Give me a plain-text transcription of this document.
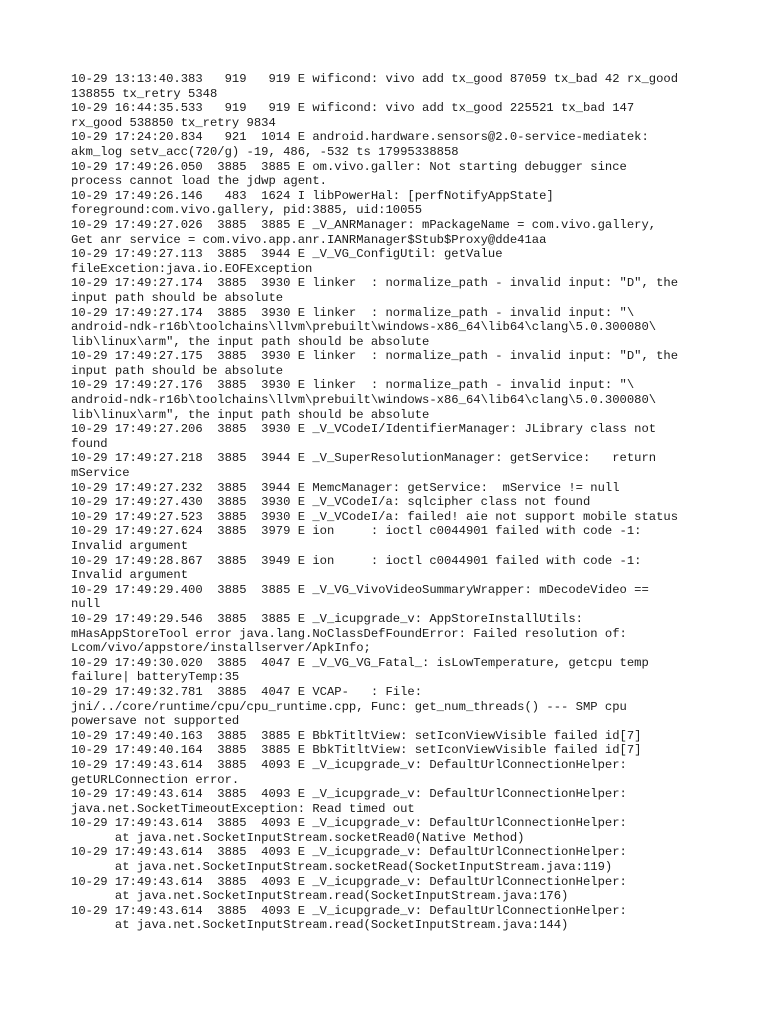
10-29 13:13:40.383   919   919 E wificond: vivo add tx_good 87059 tx_bad 42 rx_good
138855 tx_retry 5348
10-29 16:44:35.533   919   919 E wificond: vivo add tx_good 225521 tx_bad 147
rx_good 538850 tx_retry 9834
10-29 17:24:20.834   921  1014 E android.hardware.sensors@2.0-service-mediatek:
akm_log setv_acc(720/g) -19, 486, -532 ts 17995338858
10-29 17:49:26.050  3885  3885 E om.vivo.galler: Not starting debugger since
process cannot load the jdwp agent.
10-29 17:49:26.146   483  1624 I libPowerHal: [perfNotifyAppState]
foreground:com.vivo.gallery, pid:3885, uid:10055
10-29 17:49:27.026  3885  3885 E _V_ANRManager: mPackageName = com.vivo.gallery,
Get anr service = com.vivo.app.anr.IANRManager$Stub$Proxy@dde41aa
10-29 17:49:27.113  3885  3944 E _V_VG_ConfigUtil: getValue
fileExcetion:java.io.EOFException
10-29 17:49:27.174  3885  3930 E linker  : normalize_path - invalid input: "D", the
input path should be absolute
10-29 17:49:27.174  3885  3930 E linker  : normalize_path - invalid input: "\
android-ndk-r16b\toolchains\llvm\prebuilt\windows-x86_64\lib64\clang\5.0.300080\
lib\linux\arm", the input path should be absolute
10-29 17:49:27.175  3885  3930 E linker  : normalize_path - invalid input: "D", the
input path should be absolute
10-29 17:49:27.176  3885  3930 E linker  : normalize_path - invalid input: "\
android-ndk-r16b\toolchains\llvm\prebuilt\windows-x86_64\lib64\clang\5.0.300080\
lib\linux\arm", the input path should be absolute
10-29 17:49:27.206  3885  3930 E _V_VCodeI/IdentifierManager: JLibrary class not
found
10-29 17:49:27.218  3885  3944 E _V_SuperResolutionManager: getService:   return
mService
10-29 17:49:27.232  3885  3944 E MemcManager: getService:  mService != null
10-29 17:49:27.430  3885  3930 E _V_VCodeI/a: sqlcipher class not found
10-29 17:49:27.523  3885  3930 E _V_VCodeI/a: failed! aie not support mobile status
10-29 17:49:27.624  3885  3979 E ion     : ioctl c0044901 failed with code -1:
Invalid argument
10-29 17:49:28.867  3885  3949 E ion     : ioctl c0044901 failed with code -1:
Invalid argument
10-29 17:49:29.400  3885  3885 E _V_VG_VivoVideoSummaryWrapper: mDecodeVideo ==
null
10-29 17:49:29.546  3885  3885 E _V_icupgrade_v: AppStoreInstallUtils:
mHasAppStoreTool error java.lang.NoClassDefFoundError: Failed resolution of:
Lcom/vivo/appstore/installserver/ApkInfo;
10-29 17:49:30.020  3885  4047 E _V_VG_VG_Fatal_: isLowTemperature, getcpu temp
failure| batteryTemp:35
10-29 17:49:32.781  3885  4047 E VCAP-   : File:
jni/../core/runtime/cpu/cpu_runtime.cpp, Func: get_num_threads() --- SMP cpu
powersave not supported
10-29 17:49:40.163  3885  3885 E BbkTitltView: setIconViewVisible failed id[7]
10-29 17:49:40.164  3885  3885 E BbkTitltView: setIconViewVisible failed id[7]
10-29 17:49:43.614  3885  4093 E _V_icupgrade_v: DefaultUrlConnectionHelper:
getURLConnection error.
10-29 17:49:43.614  3885  4093 E _V_icupgrade_v: DefaultUrlConnectionHelper:
java.net.SocketTimeoutException: Read timed out
10-29 17:49:43.614  3885  4093 E _V_icupgrade_v: DefaultUrlConnectionHelper:
at java.net.SocketInputStream.socketRead0(Native Method)
10-29 17:49:43.614  3885  4093 E _V_icupgrade_v: DefaultUrlConnectionHelper:
at java.net.SocketInputStream.socketRead(SocketInputStream.java:119)
10-29 17:49:43.614  3885  4093 E _V_icupgrade_v: DefaultUrlConnectionHelper:
at java.net.SocketInputStream.read(SocketInputStream.java:176)
10-29 17:49:43.614  3885  4093 E _V_icupgrade_v: DefaultUrlConnectionHelper:
at java.net.SocketInputStream.read(SocketInputStream.java:144)
